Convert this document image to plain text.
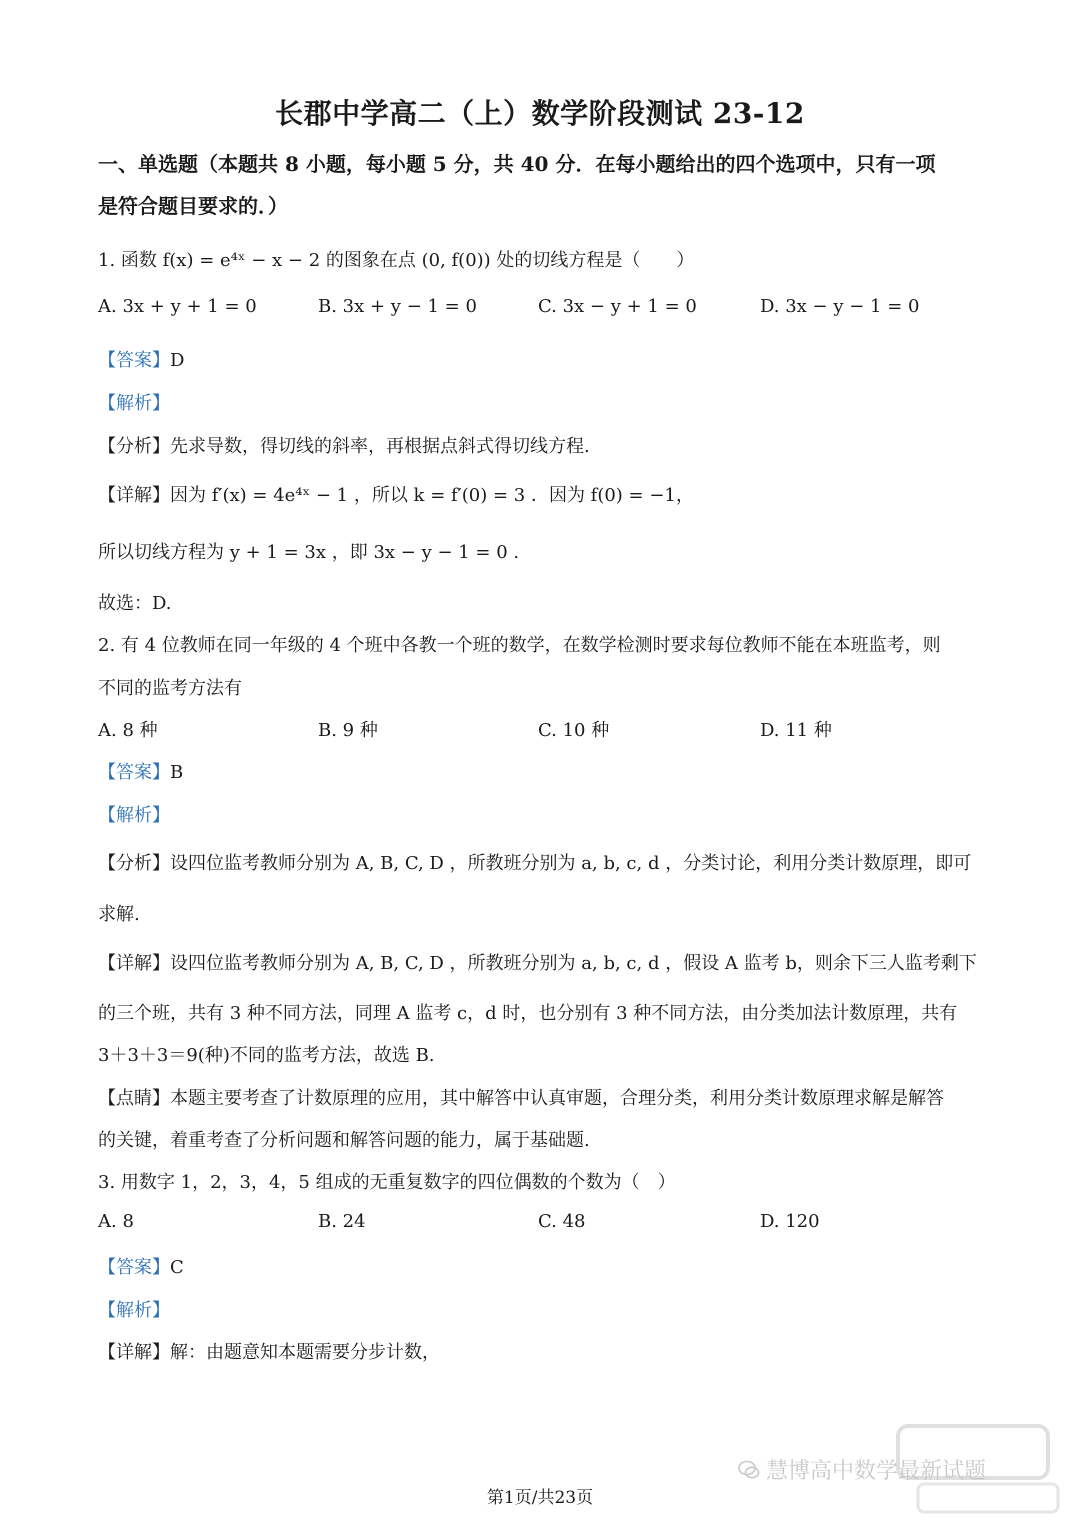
长郡中学高二（上）数学阶段测试 23-12
一、单选题（本题共 8 小题，每小题 5 分，共 40 分．在每小题给出的四个选项中，只有一项
是符合题目要求的．）
1. 函数 f(x) = e⁴ˣ − x − 2 的图象在点 (0, f(0)) 处的切线方程是（　　）
A. 3x + y + 1 = 0	B. 3x + y − 1 = 0	C. 3x − y + 1 = 0	D. 3x − y − 1 = 0
【答案】D
【解析】
【分析】先求导数，得切线的斜率，再根据点斜式得切线方程.
【详解】因为 f′(x) = 4e⁴ˣ − 1 ，所以 k = f′(0) = 3 ．因为 f(0) = −1，
所以切线方程为 y + 1 = 3x ，即 3x − y − 1 = 0 .
故选：D.
2. 有 4 位教师在同一年级的 4 个班中各教一个班的数学，在数学检测时要求每位教师不能在本班监考，则
不同的监考方法有
A. 8 种	B. 9 种	C. 10 种	D. 11 种
【答案】B
【解析】
【分析】设四位监考教师分别为 A, B, C, D ，所教班分别为 a, b, c, d ，分类讨论，利用分类计数原理，即可
求解.
【详解】设四位监考教师分别为 A, B, C, D ，所教班分别为 a, b, c, d ，假设 A 监考 b，则余下三人监考剩下
的三个班，共有 3 种不同方法，同理 A 监考 c，d 时，也分别有 3 种不同方法，由分类加法计数原理，共有
3＋3＋3＝9(种)不同的监考方法，故选 B.
【点睛】本题主要考查了计数原理的应用，其中解答中认真审题，合理分类，利用分类计数原理求解是解答
的关键，着重考查了分析问题和解答问题的能力，属于基础题.
3. 用数字 1，2，3，4，5 组成的无重复数字的四位偶数的个数为（　）
A. 8	B. 24	C. 48	D. 120
【答案】C
【解析】
【详解】解：由题意知本题需要分步计数，
慧博高中数学最新试题
第1页/共23页
